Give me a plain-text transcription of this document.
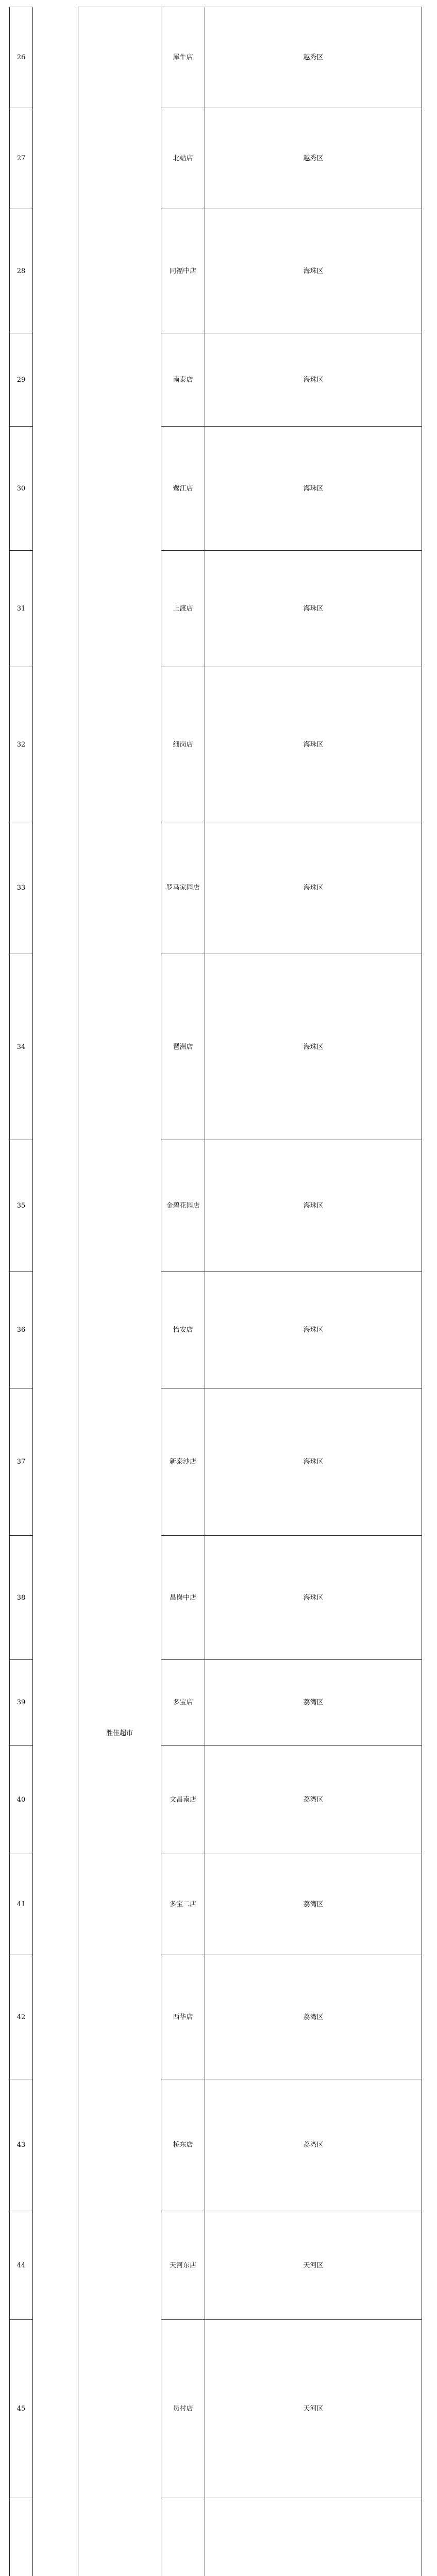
26		胜佳超市	犀牛店	越秀区	
27			北站店	越秀区	
28			同福中店	海珠区	
29			南泰店	海珠区	
30			鹭江店	海珠区	
31			上渡店	海珠区	
32			细岗店	海珠区	
33			罗马家园店	海珠区	
34			琶洲店	海珠区	
35			金碧花园店	海珠区	
36			怡安店	海珠区	
37			新泰沙店	海珠区	
38			昌岗中店	海珠区	
39			多宝店	荔湾区	
40			文昌南店	荔湾区	
41			多宝二店	荔湾区	
42			西华店	荔湾区	
43			桥东店	荔湾区	
44			天河东店	天河区	
45			员村店	天河区	
